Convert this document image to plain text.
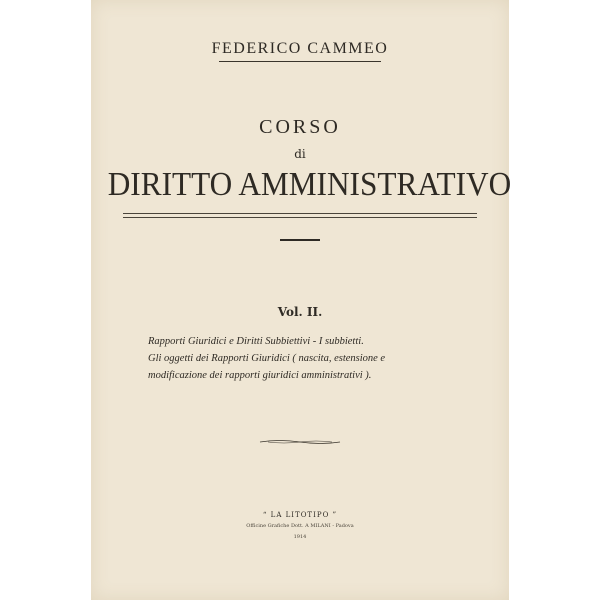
FEDERICO CAMMEO
CORSO
di
DIRITTO AMMINISTRATIVO
Vol. II.
Rapporti Giuridici e Diritti Subbiettivi - I subbietti.
Gli oggetti dei Rapporti Giuridici ( nascita, estensione e
modificazione dei rapporti giuridici amministrativi ).
“ LA LITOTIPO ”
Officine Grafiche Dott. A MILANI - Padova
1914
